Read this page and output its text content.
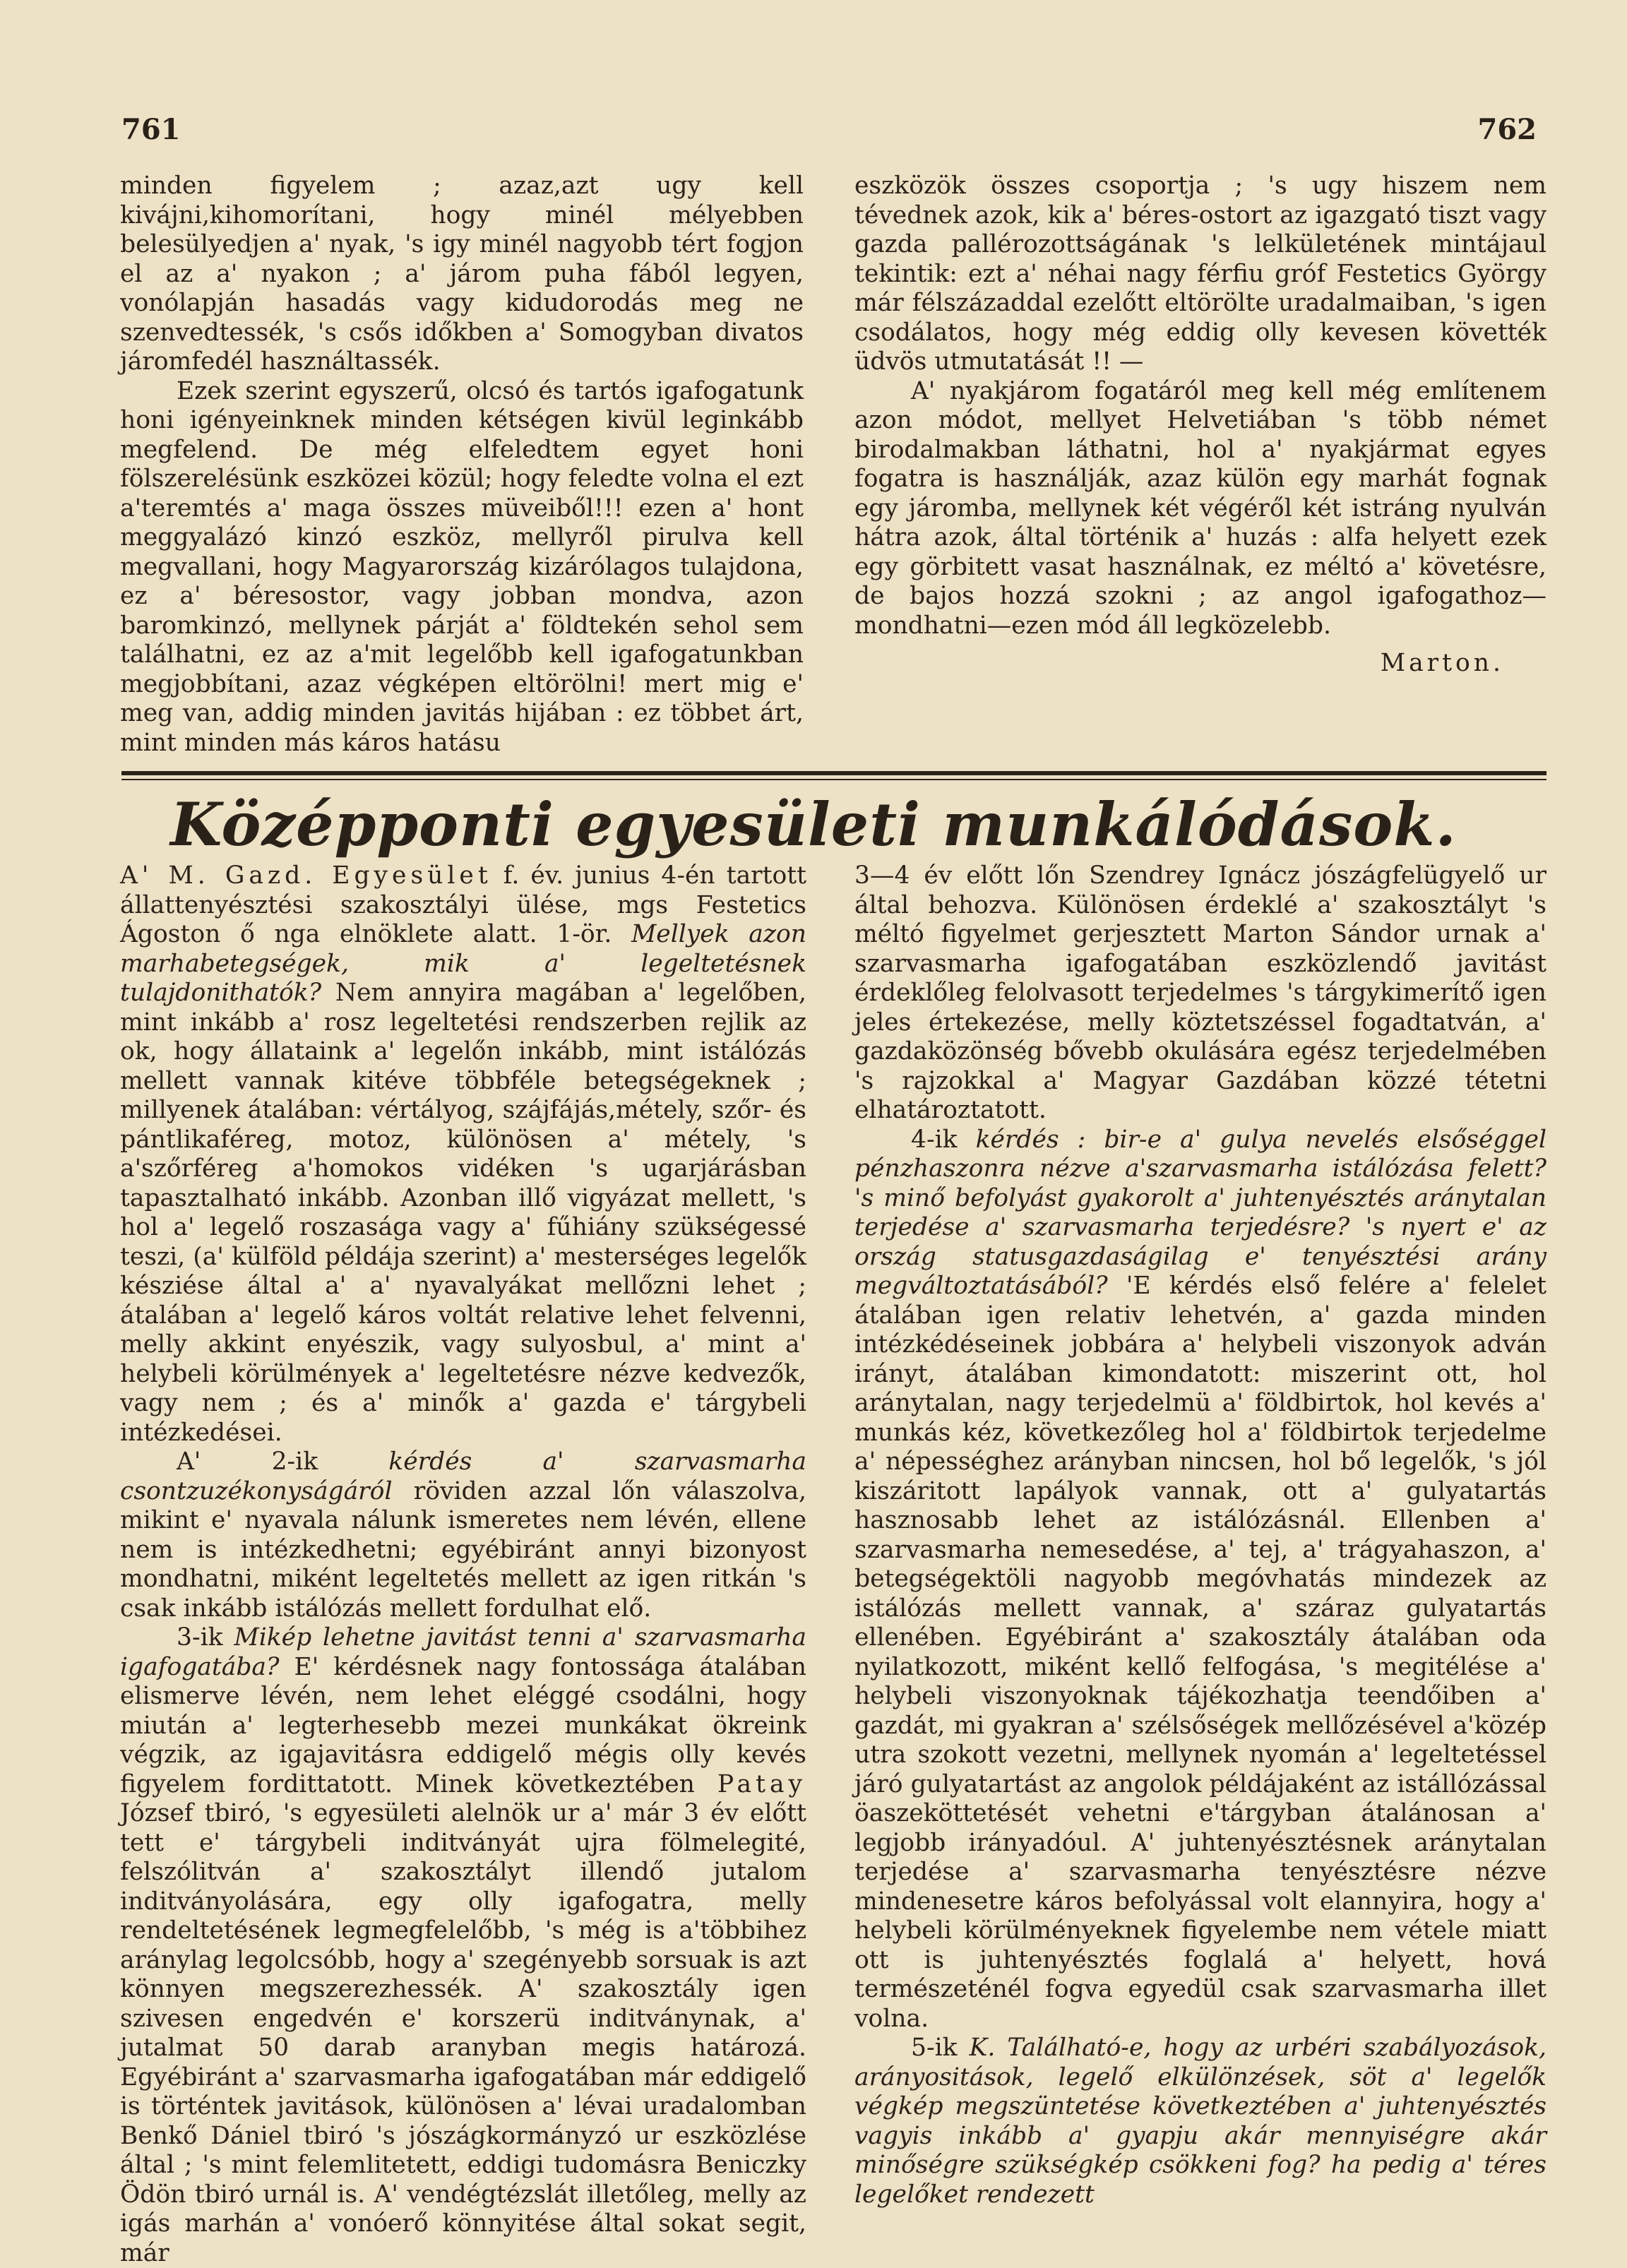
761	762

minden figyelem ; azaz,azt ugy kell kivájni,kihomorítani, hogy minél mélyebben belesülyedjen a' nyak, 's igy minél nagyobb tért fogjon el az a' nyakon ; a' járom puha fából legyen, vonólapján hasadás vagy kidudorodás meg ne szenvedtessék, 's csős időkben a' Somogyban divatos járomfedél használtassék.

Ezek szerint egyszerű, olcsó és tartós igafogatunk honi igényeinknek minden kétségen kivül leginkább megfelend. De még elfeledtem egyet honi fölszerelésünk eszközei közül; hogy feledte volna el ezt a'teremtés a' maga összes müveiből!!! ezen a' hont meggyalázó kinzó eszköz, mellyről pirulva kell megvallani, hogy Magyarország kizárólagos tulajdona, ez a' béresostor, vagy jobban mondva, azon baromkinzó, mellynek párját a' földtekén sehol sem találhatni, ez az a'mit legelőbb kell igafogatunkban megjobbítani, azaz végképen eltörölni! mert mig e' meg van, addig minden javitás hijában : ez többet árt, mint minden más káros hatásu

eszközök összes csoportja ; 's ugy hiszem nem tévednek azok, kik a' béres-ostort az igazgató tiszt vagy gazda pallérozottságának 's lelkületének mintájaul tekintik: ezt a' néhai nagy férfiu gróf Festetics György már félszázaddal ezelőtt eltörölte uradalmaiban, 's igen csodálatos, hogy még eddig olly kevesen követték üdvös utmutatását !! —

A' nyakjárom fogatáról meg kell még említenem azon módot, mellyet Helvetiában 's több német birodalmakban láthatni, hol a' nyakjármat egyes fogatra is használják, azaz külön egy marhát fognak egy járomba, mellynek két végéről két istráng nyulván hátra azok, által történik a' huzás : alfa helyett ezek egy görbitett vasat használnak, ez méltó a' követésre, de bajos hozzá szokni ; az angol igafogathoz—mondhatni—ezen mód áll legközelebb.

Marton.

Középponti egyesületi munkálódások.

A' M. Gazd. Egyesület f. év. junius 4-én tartott állattenyésztési szakosztályi ülése, mgs Festetics Ágoston ő nga elnöklete alatt. 1-ör. Mellyek azon marhabetegségek, mik a' legeltetésnek tulajdonithatók? Nem annyira magában a' legelőben, mint inkább a' rosz legeltetési rendszerben rejlik az ok, hogy állataink a' legelőn inkább, mint istálózás mellett vannak kitéve többféle betegségeknek ; millyenek átalában: vértályog, szájfájás,métely, szőr- és pántlikaféreg, motoz, különösen a' métely, 's a'szőrféreg a'homokos vidéken 's ugarjárásban tapasztalható inkább. Azonban illő vigyázat mellett, 's hol a' legelő roszasága vagy a' fűhiány szükségessé teszi, (a' külföld példája szerint) a' mesterséges legelők késziése által a' a' nyavalyákat mellőzni lehet ; átalában a' legelő káros voltát relative lehet felvenni, melly akkint enyészik, vagy sulyosbul, a' mint a' helybeli körülmények a' legeltetésre nézve kedvezők, vagy nem ; és a' minők a' gazda e' tárgybeli intézkedései.

A' 2-ik kérdés a' szarvasmarha csontzuzékonyságáról röviden azzal lőn válaszolva, mikint e' nyavala nálunk ismeretes nem lévén, ellene nem is intézkedhetni; egyébiránt annyi bizonyost mondhatni, miként legeltetés mellett az igen ritkán 's csak inkább istálózás mellett fordulhat elő.

3-ik Mikép lehetne javitást tenni a' szarvasmarha igafogatába? E' kérdésnek nagy fontossága átalában elismerve lévén, nem lehet eléggé csodálni, hogy miután a' legterhesebb mezei munkákat ökreink végzik, az igajavitásra eddigelő mégis olly kevés figyelem fordittatott. Minek következtében Patay József tbiró, 's egyesületi alelnök ur a' már 3 év előtt tett e' tárgybeli inditványát ujra fölmelegité, felszólitván a' szakosztályt illendő jutalom inditványolására, egy olly igafogatra, melly rendeltetésének legmegfelelőbb, 's még is a'többihez aránylag legolcsóbb, hogy a' szegényebb sorsuak is azt könnyen megszerezhessék. A' szakosztály igen szivesen engedvén e' korszerü inditványnak, a' jutalmat 50 darab aranyban megis határozá. Egyébiránt a' szarvasmarha igafogatában már eddigelő is történtek javitások, különösen a' lévai uradalomban Benkő Dániel tbiró 's jószágkormányzó ur eszközlése által ; 's mint felemlitetett, eddigi tudomásra Beniczky Ödön tbiró urnál is. A' vendégtézslát illetőleg, melly az igás marhán a' vonóerő könnyitése által sokat segit, már

3—4 év előtt lőn Szendrey Ignácz jószágfelügyelő ur által behozva. Különösen érdeklé a' szakosztályt 's méltó figyelmet gerjesztett Marton Sándor urnak a' szarvasmarha igafogatában eszközlendő javitást érdeklőleg felolvasott terjedelmes 's tárgykimerítő igen jeles értekezése, melly köztetszéssel fogadtatván, a' gazdaközönség bővebb okulására egész terjedelmében 's rajzokkal a' Magyar Gazdában közzé tétetni elhatároztatott.

4-ik kérdés : bir-e a' gulya nevelés elsőséggel pénzhaszonra nézve a'szarvasmarha istálózása felett? 's minő befolyást gyakorolt a' juhtenyésztés aránytalan terjedése a' szarvasmarha terjedésre? 's nyert e' az ország statusgazdaságilag e' tenyésztési arány megváltoztatásából? 'E kérdés első felére a' felelet átalában igen relativ lehetvén, a' gazda minden intézkédéseinek jobbára a' helybeli viszonyok adván irányt, átalában kimondatott: miszerint ott, hol aránytalan, nagy terjedelmü a' földbirtok, hol kevés a' munkás kéz, következőleg hol a' földbirtok terjedelme a' népességhez arányban nincsen, hol bő legelők, 's jól kiszáritott lapályok vannak, ott a' gulyatartás hasznosabb lehet az istálózásnál. Ellenben a' szarvasmarha nemesedése, a' tej, a' trágyahaszon, a' betegségektöli nagyobb megóvhatás mindezek az istálózás mellett vannak, a' száraz gulyatartás ellenében. Egyébiránt a' szakosztály átalában oda nyilatkozott, miként kellő felfogása, 's megitélése a' helybeli viszonyoknak tájékozhatja teendőiben a' gazdát, mi gyakran a' szélsőségek mellőzésével a'közép utra szokott vezetni, mellynek nyomán a' legeltetéssel járó gulyatartást az angolok példájaként az istállózással öaszeköttetését vehetni e'tárgyban átalánosan a' legjobb irányadóul. A' juhtenyésztésnek aránytalan terjedése a' szarvasmarha tenyésztésre nézve mindenesetre káros befolyással volt elannyira, hogy a' helybeli körülményeknek figyelembe nem vétele miatt ott is juhtenyésztés foglalá a' helyett, hová természeténél fogva egyedül csak szarvasmarha illet volna.

5-ik K. Található-e, hogy az urbéri szabályozások, arányositások, legelő elkülönzések, söt a' legelők végkép megszüntetése következtében a' juhtenyésztés vagyis inkább a' gyapju akár mennyiségre akár minőségre szükségkép csökkeni fog? ha pedig a' téres legelőket rendezett
